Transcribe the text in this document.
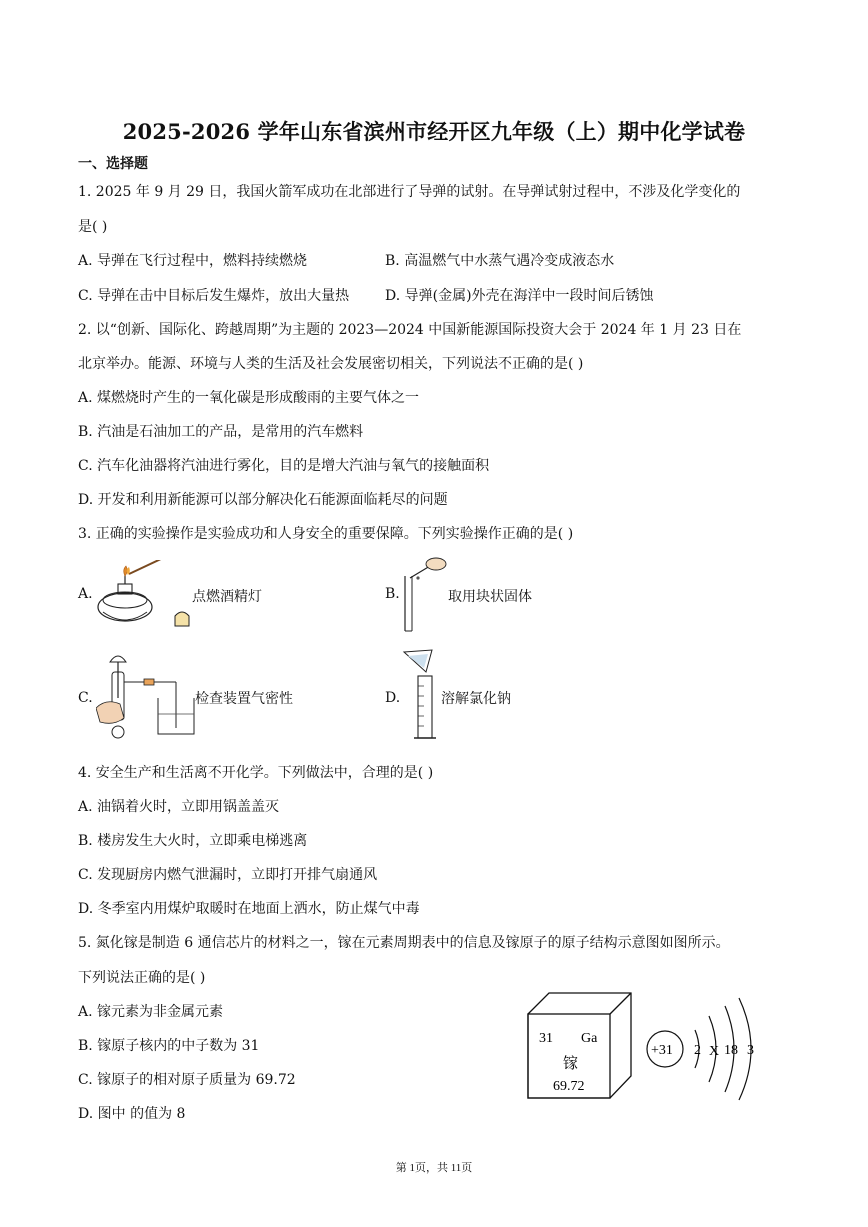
2025-2026 学年山东省滨州市经开区九年级（上）期中化学试卷
一、选择题
1. 2025 年 9 月 29 日，我国火箭军成功在北部进行了导弹的试射。在导弹试射过程中，不涉及化学变化的
是( )
A. 导弹在飞行过程中，燃料持续燃烧	B. 高温燃气中水蒸气遇冷变成液态水
C. 导弹在击中目标后发生爆炸，放出大量热	D. 导弹(金属)外壳在海洋中一段时间后锈蚀
2. 以“创新、国际化、跨越周期”为主题的 2023—2024 中国新能源国际投资大会于 2024 年 1 月 23 日在
北京举办。能源、环境与人类的生活及社会发展密切相关，下列说法不正确的是( )
A. 煤燃烧时产生的一氧化碳是形成酸雨的主要气体之一
B. 汽油是石油加工的产品，是常用的汽车燃料
C. 汽车化油器将汽油进行雾化，目的是增大汽油与氧气的接触面积
D. 开发和利用新能源可以部分解决化石能源面临耗尽的问题
3. 正确的实验操作是实验成功和人身安全的重要保障。下列实验操作正确的是( )
A.	点燃酒精灯	B.	取用块状固体
C.	检查装置气密性	D.	溶解氯化钠
4. 安全生产和生活离不开化学。下列做法中，合理的是( )
A. 油锅着火时，立即用锅盖盖灭
B. 楼房发生大火时，立即乘电梯逃离
C. 发现厨房内燃气泄漏时，立即打开排气扇通风
D. 冬季室内用煤炉取暖时在地面上洒水，防止煤气中毒
5. 氮化镓是制造 6 通信芯片的材料之一，镓在元素周期表中的信息及镓原子的原子结构示意图如图所示。
下列说法正确的是( )
A. 镓元素为非金属元素
B. 镓原子核内的中子数为 31
C. 镓原子的相对原子质量为 69.72
D. 图中 的值为 8
31 Ga
镓
69.72
+31 2 X 18 3
第 1页，共 11页
